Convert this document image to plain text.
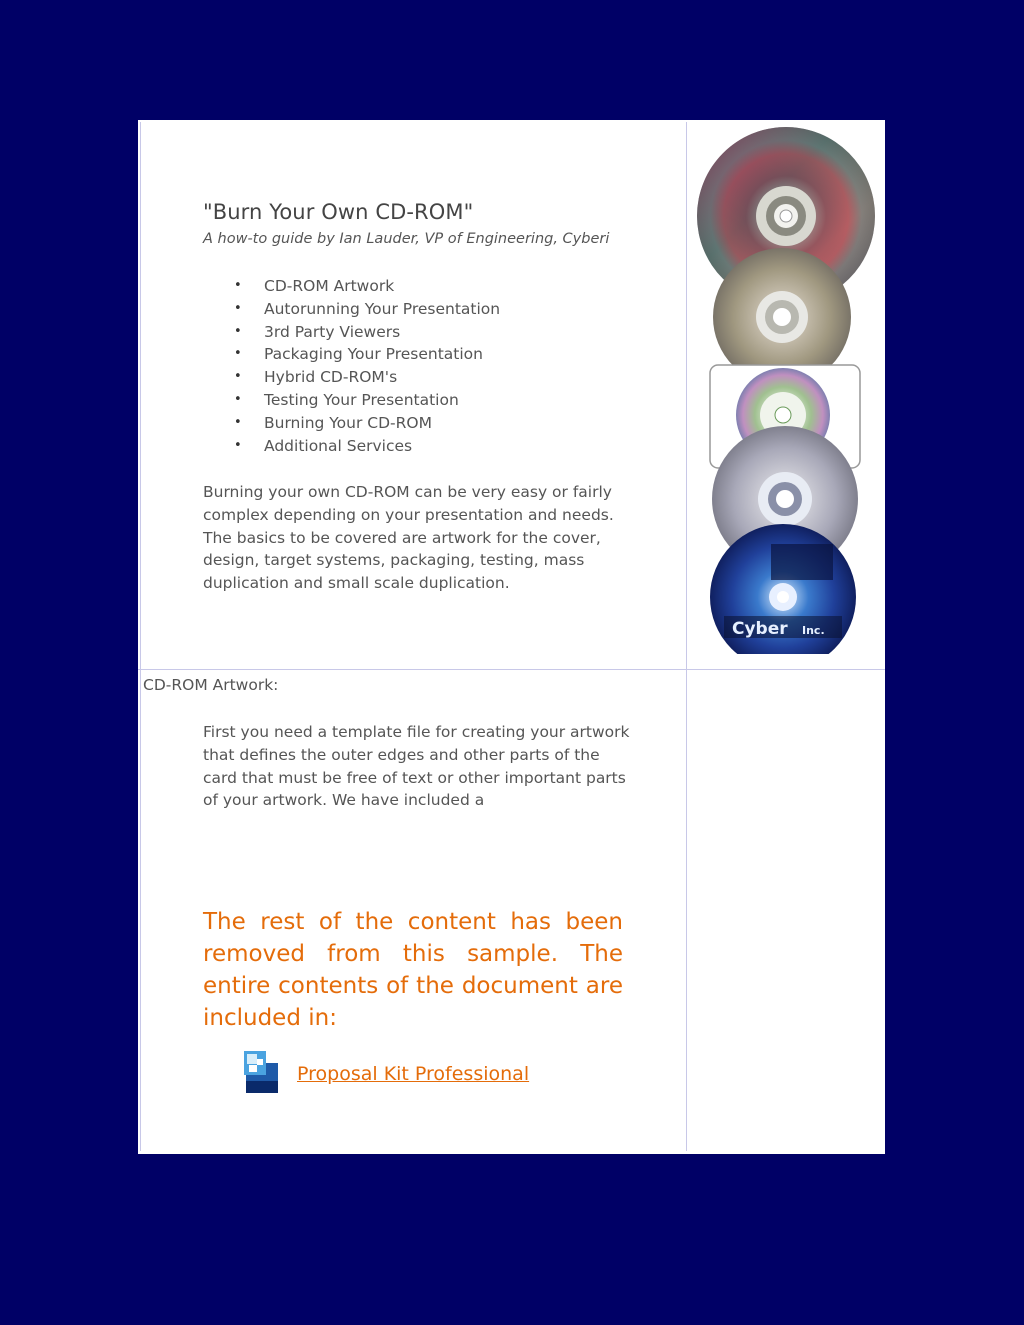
"Burn Your Own CD-ROM"
A how-to guide by Ian Lauder, VP of Engineering, Cyberi
• CD-ROM Artwork
• Autorunning Your Presentation
• 3rd Party Viewers
• Packaging Your Presentation
• Hybrid CD-ROM's
• Testing Your Presentation
• Burning Your CD-ROM
• Additional Services
Burning your own CD-ROM can be very easy or fairly complex depending on your presentation and needs. The basics to be covered are artwork for the cover, design, target systems, packaging, testing, mass duplication and small scale duplication.
CD-ROM Artwork:
First you need a template file for creating your artwork that defines the outer edges and other parts of the card that must be free of text or other important parts of your artwork. We have included a
The rest of the content has been removed from this sample. The entire contents of the document are included in:
Proposal Kit Professional
Cyber Inc.
